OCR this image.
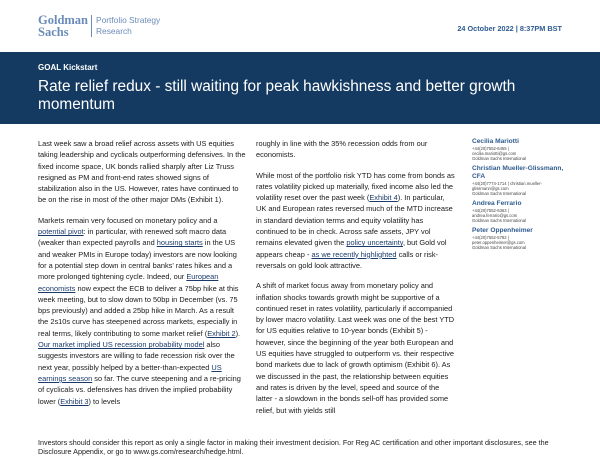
Goldman
Sachs
Portfolio Strategy
Research	24 October 2022 | 8:37PM BST
GOAL Kickstart
Rate relief redux - still waiting for peak hawkishness and better growth momentum

Last week saw a broad relief across assets with US equities taking leadership and cyclicals outperforming defensives. In the fixed income space, UK bonds rallied sharply after Liz Truss resigned as PM and front-end rates showed signs of stabilization also in the US. However, rates have continued to be on the rise in most of the other major DMs (Exhibit 1).

Markets remain very focused on monetary policy and a potential pivot: in particular, with renewed soft macro data (weaker than expected payrolls and housing starts in the US and weaker PMIs in Europe today) investors are now looking for a potential step down in central banks' rates hikes and a more prolonged tightening cycle. Indeed, our European economists now expect the ECB to deliver a 75bp hike at this week meeting, but to slow down to 50bp in December (vs. 75 bps previously) and added a 25bp hike in March. As a result the 2s10s curve has steepened across markets, especially in real terms, likely contributing to some market relief (Exhibit 2). Our market implied US recession probability model also suggests investors are willing to fade recession risk over the next year, possibly helped by a better-than-expected US earnings season so far. The curve steepening and a re-pricing of cyclicals vs. defensives has driven the implied probability lower (Exhibit 3) to levels

roughly in line with the 35% recession odds from our economists.

While most of the portfolio risk YTD has come from bonds as rates volatility picked up materially, fixed income also led the volatility reset over the past week (Exhibit 4). In particular, UK and European rates reversed much of the MTD increase in standard deviation terms and equity volatility has continued to be in check. Across safe assets, JPY vol remains elevated given the policy uncertainty, but Gold vol appears cheap - as we recently highlighted calls or risk-reversals on gold look attractive.

A shift of market focus away from monetary policy and inflation shocks towards growth might be supportive of a continued reset in rates volatility, particularly if accompanied by lower macro volatility. Last week was one of the best YTD for US equities relative to 10-year bonds (Exhibit 5) - however, since the beginning of the year both European and US equities have struggled to outperform vs. their respective bond markets due to lack of growth optimism (Exhibit 6). As we discussed in the past, the relationship between equities and rates is driven by the level, speed and source of the latter - a slowdown in the bonds sell-off has provided some relief, but with yields still

Cecilia Mariotti
+44(20)7552-6455 |
cecilia.mariotti@gs.com
Goldman Sachs International
Christian Mueller-Glissmann, CFA
+44(20)7774-1714 | christian.mueller-
glissmann@gs.com
Goldman Sachs International
Andrea Ferrario
+44(20)7552-6363 |
andrea.ferrario@gs.com
Goldman Sachs International
Peter Oppenheimer
+44(20)7552-5782 |
peter.oppenheimer@gs.com
Goldman Sachs International
Investors should consider this report as only a single factor in making their investment decision. For Reg AC certification and other important disclosures, see the Disclosure Appendix, or go to www.gs.com/research/hedge.html.
